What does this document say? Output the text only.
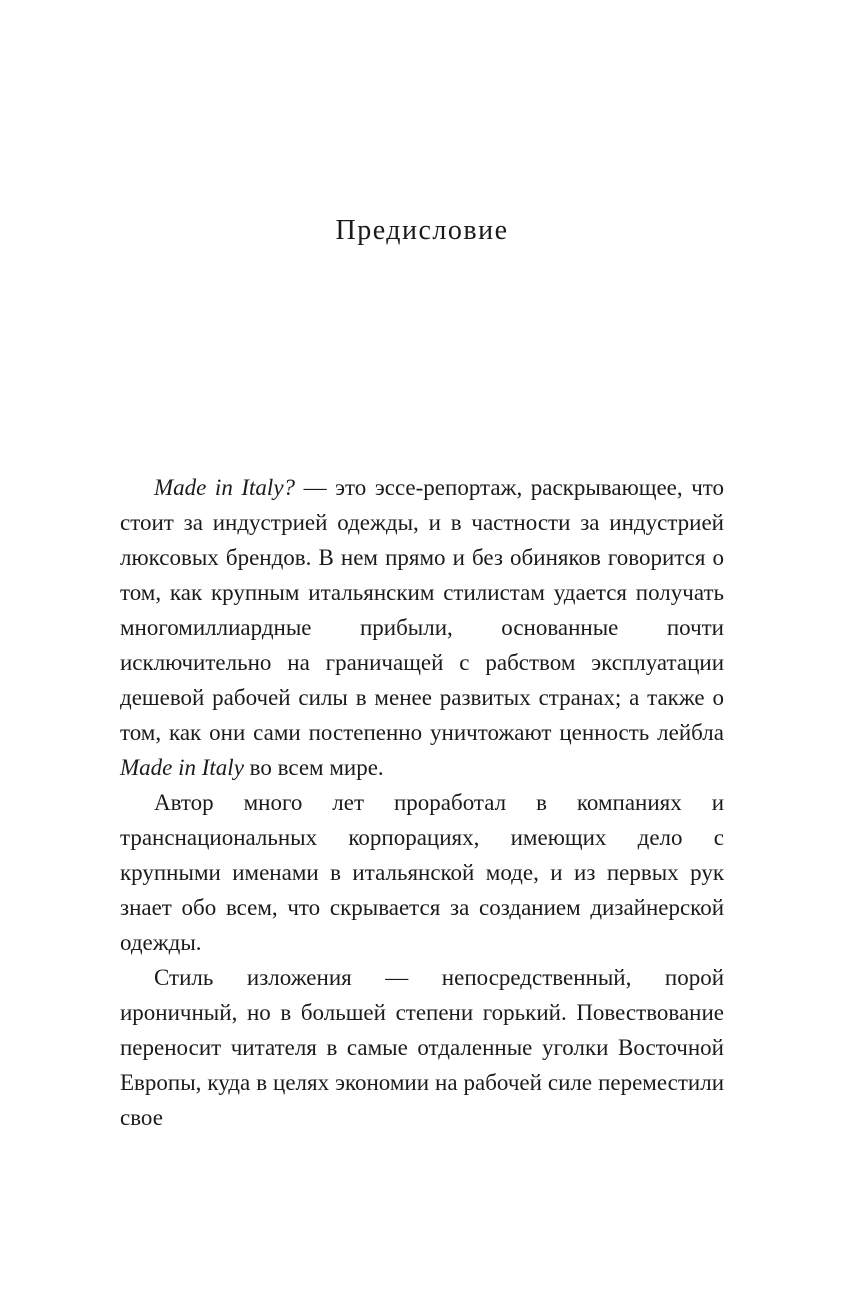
Предисловие

Made in Italy? — это эссе-репортаж, раскрывающее, что стоит за индустрией одежды, и в частности за индустрией люксовых брендов. В нем прямо и без обиняков говорится о том, как крупным итальянским стилистам удается получать многомиллиардные прибыли, основанные почти исключительно на граничащей с рабством эксплуатации дешевой рабочей силы в менее развитых странах; а также о том, как они сами постепенно уничтожают ценность лейбла Made in Italy во всем мире.

Автор много лет проработал в компаниях и транснациональных корпорациях, имеющих дело с крупными именами в итальянской моде, и из первых рук знает обо всем, что скрывается за созданием дизайнерской одежды.

Стиль изложения — непосредственный, порой ироничный, но в большей степени горький. Повествование переносит читателя в самые отдаленные уголки Восточной Европы, куда в целях экономии на рабочей силе переместили свое
